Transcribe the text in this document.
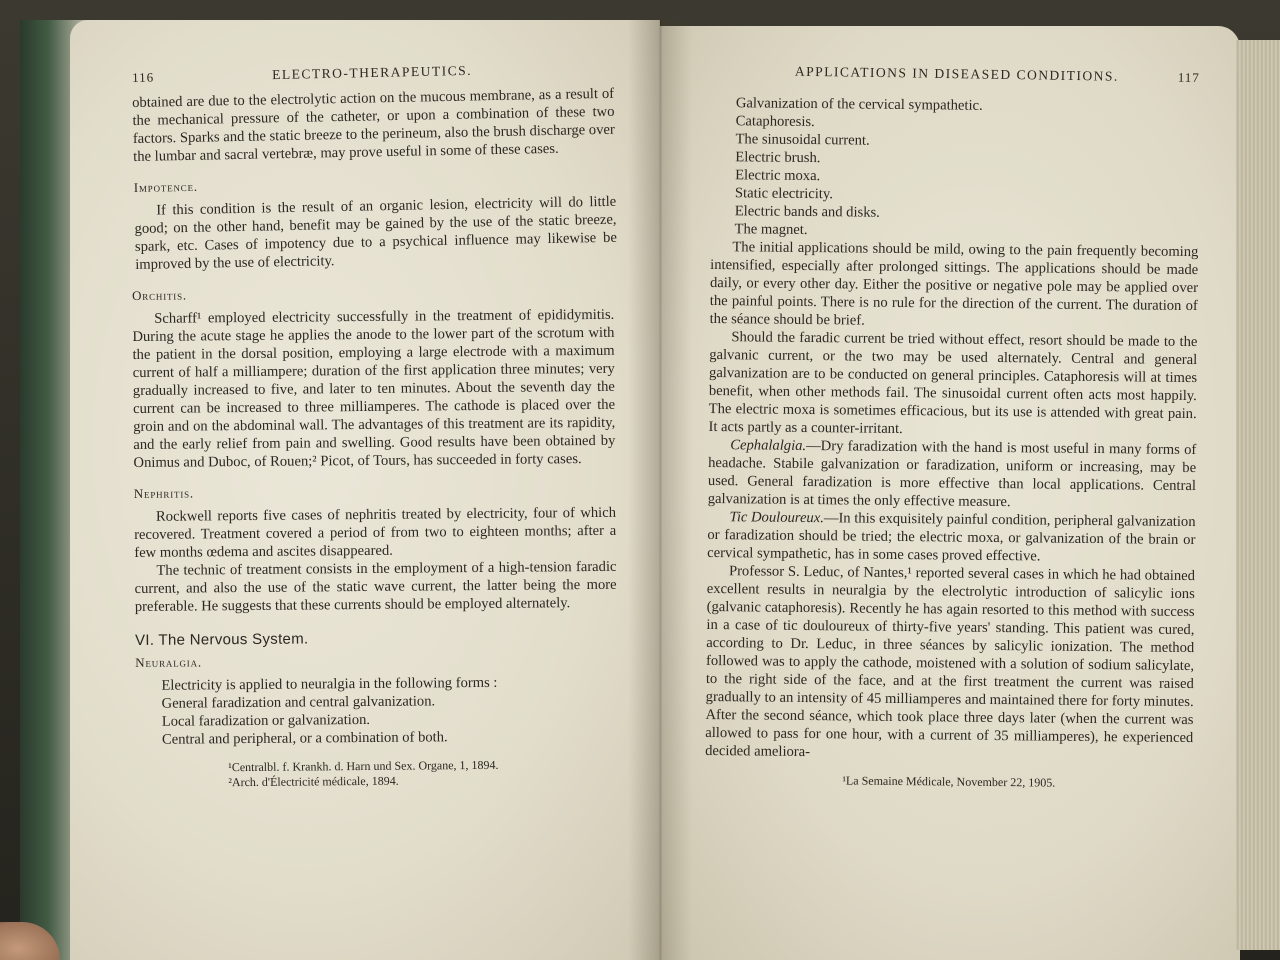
116	ELECTRO-THERAPEUTICS.

obtained are due to the electrolytic action on the mucous membrane, as a result of the mechanical pressure of the catheter, or upon a combination of these two factors. Sparks and the static breeze to the perineum, also the brush discharge over the lumbar and sacral vertebræ, may prove useful in some of these cases.

Impotence.

If this condition is the result of an organic lesion, electricity will do little good; on the other hand, benefit may be gained by the use of the static breeze, spark, etc. Cases of impotency due to a psychical influence may likewise be improved by the use of electricity.

Orchitis.

Scharff¹ employed electricity successfully in the treatment of epididymitis. During the acute stage he applies the anode to the lower part of the scrotum with the patient in the dorsal position, employing a large electrode with a maximum current of half a milliampere; duration of the first application three minutes; very gradually increased to five, and later to ten minutes. About the seventh day the current can be increased to three milliamperes. The cathode is placed over the groin and on the abdominal wall. The advantages of this treatment are its rapidity, and the early relief from pain and swelling. Good results have been obtained by Onimus and Duboc, of Rouen;² Picot, of Tours, has succeeded in forty cases.

Nephritis.

Rockwell reports five cases of nephritis treated by electricity, four of which recovered. Treatment covered a period of from two to eighteen months; after a few months œdema and ascites disappeared.

The technic of treatment consists in the employment of a high-tension faradic current, and also the use of the static wave current, the latter being the more preferable. He suggests that these currents should be employed alternately.

VI. The Nervous System.
Neuralgia.
Electricity is applied to neuralgia in the following forms :
General faradization and central galvanization.
Local faradization or galvanization.
Central and peripheral, or a combination of both.
¹Centralbl. f. Krankh. d. Harn und Sex. Organe, 1, 1894.
²Arch. d'Électricité médicale, 1894.
APPLICATIONS IN DISEASED CONDITIONS.	117
Galvanization of the cervical sympathetic.
Cataphoresis.
The sinusoidal current.
Electric brush.
Electric moxa.
Static electricity.
Electric bands and disks.
The magnet.

The initial applications should be mild, owing to the pain frequently becoming intensified, especially after prolonged sittings. The applications should be made daily, or every other day. Either the positive or negative pole may be applied over the painful points. There is no rule for the direction of the current. The duration of the séance should be brief.

Should the faradic current be tried without effect, resort should be made to the galvanic current, or the two may be used alternately. Central and general galvanization are to be conducted on general principles. Cataphoresis will at times benefit, when other methods fail. The sinusoidal current often acts most happily. The electric moxa is sometimes efficacious, but its use is attended with great pain. It acts partly as a counter-irritant.

Cephalalgia.—Dry faradization with the hand is most useful in many forms of headache. Stabile galvanization or faradization, uniform or increasing, may be used. General faradization is more effective than local applications. Central galvanization is at times the only effective measure.

Tic Douloureux.—In this exquisitely painful condition, peripheral galvanization or faradization should be tried; the electric moxa, or galvanization of the brain or cervical sympathetic, has in some cases proved effective.

Professor S. Leduc, of Nantes,¹ reported several cases in which he had obtained excellent results in neuralgia by the electrolytic introduction of salicylic ions (galvanic cataphoresis). Recently he has again resorted to this method with success in a case of tic douloureux of thirty-five years' standing. This patient was cured, according to Dr. Leduc, in three séances by salicylic ionization. The method followed was to apply the cathode, moistened with a solution of sodium salicylate, to the right side of the face, and at the first treatment the current was raised gradually to an intensity of 45 milliamperes and maintained there for forty minutes. After the second séance, which took place three days later (when the current was allowed to pass for one hour, with a current of 35 milliamperes), he experienced decided ameliora-

¹La Semaine Médicale, November 22, 1905.
